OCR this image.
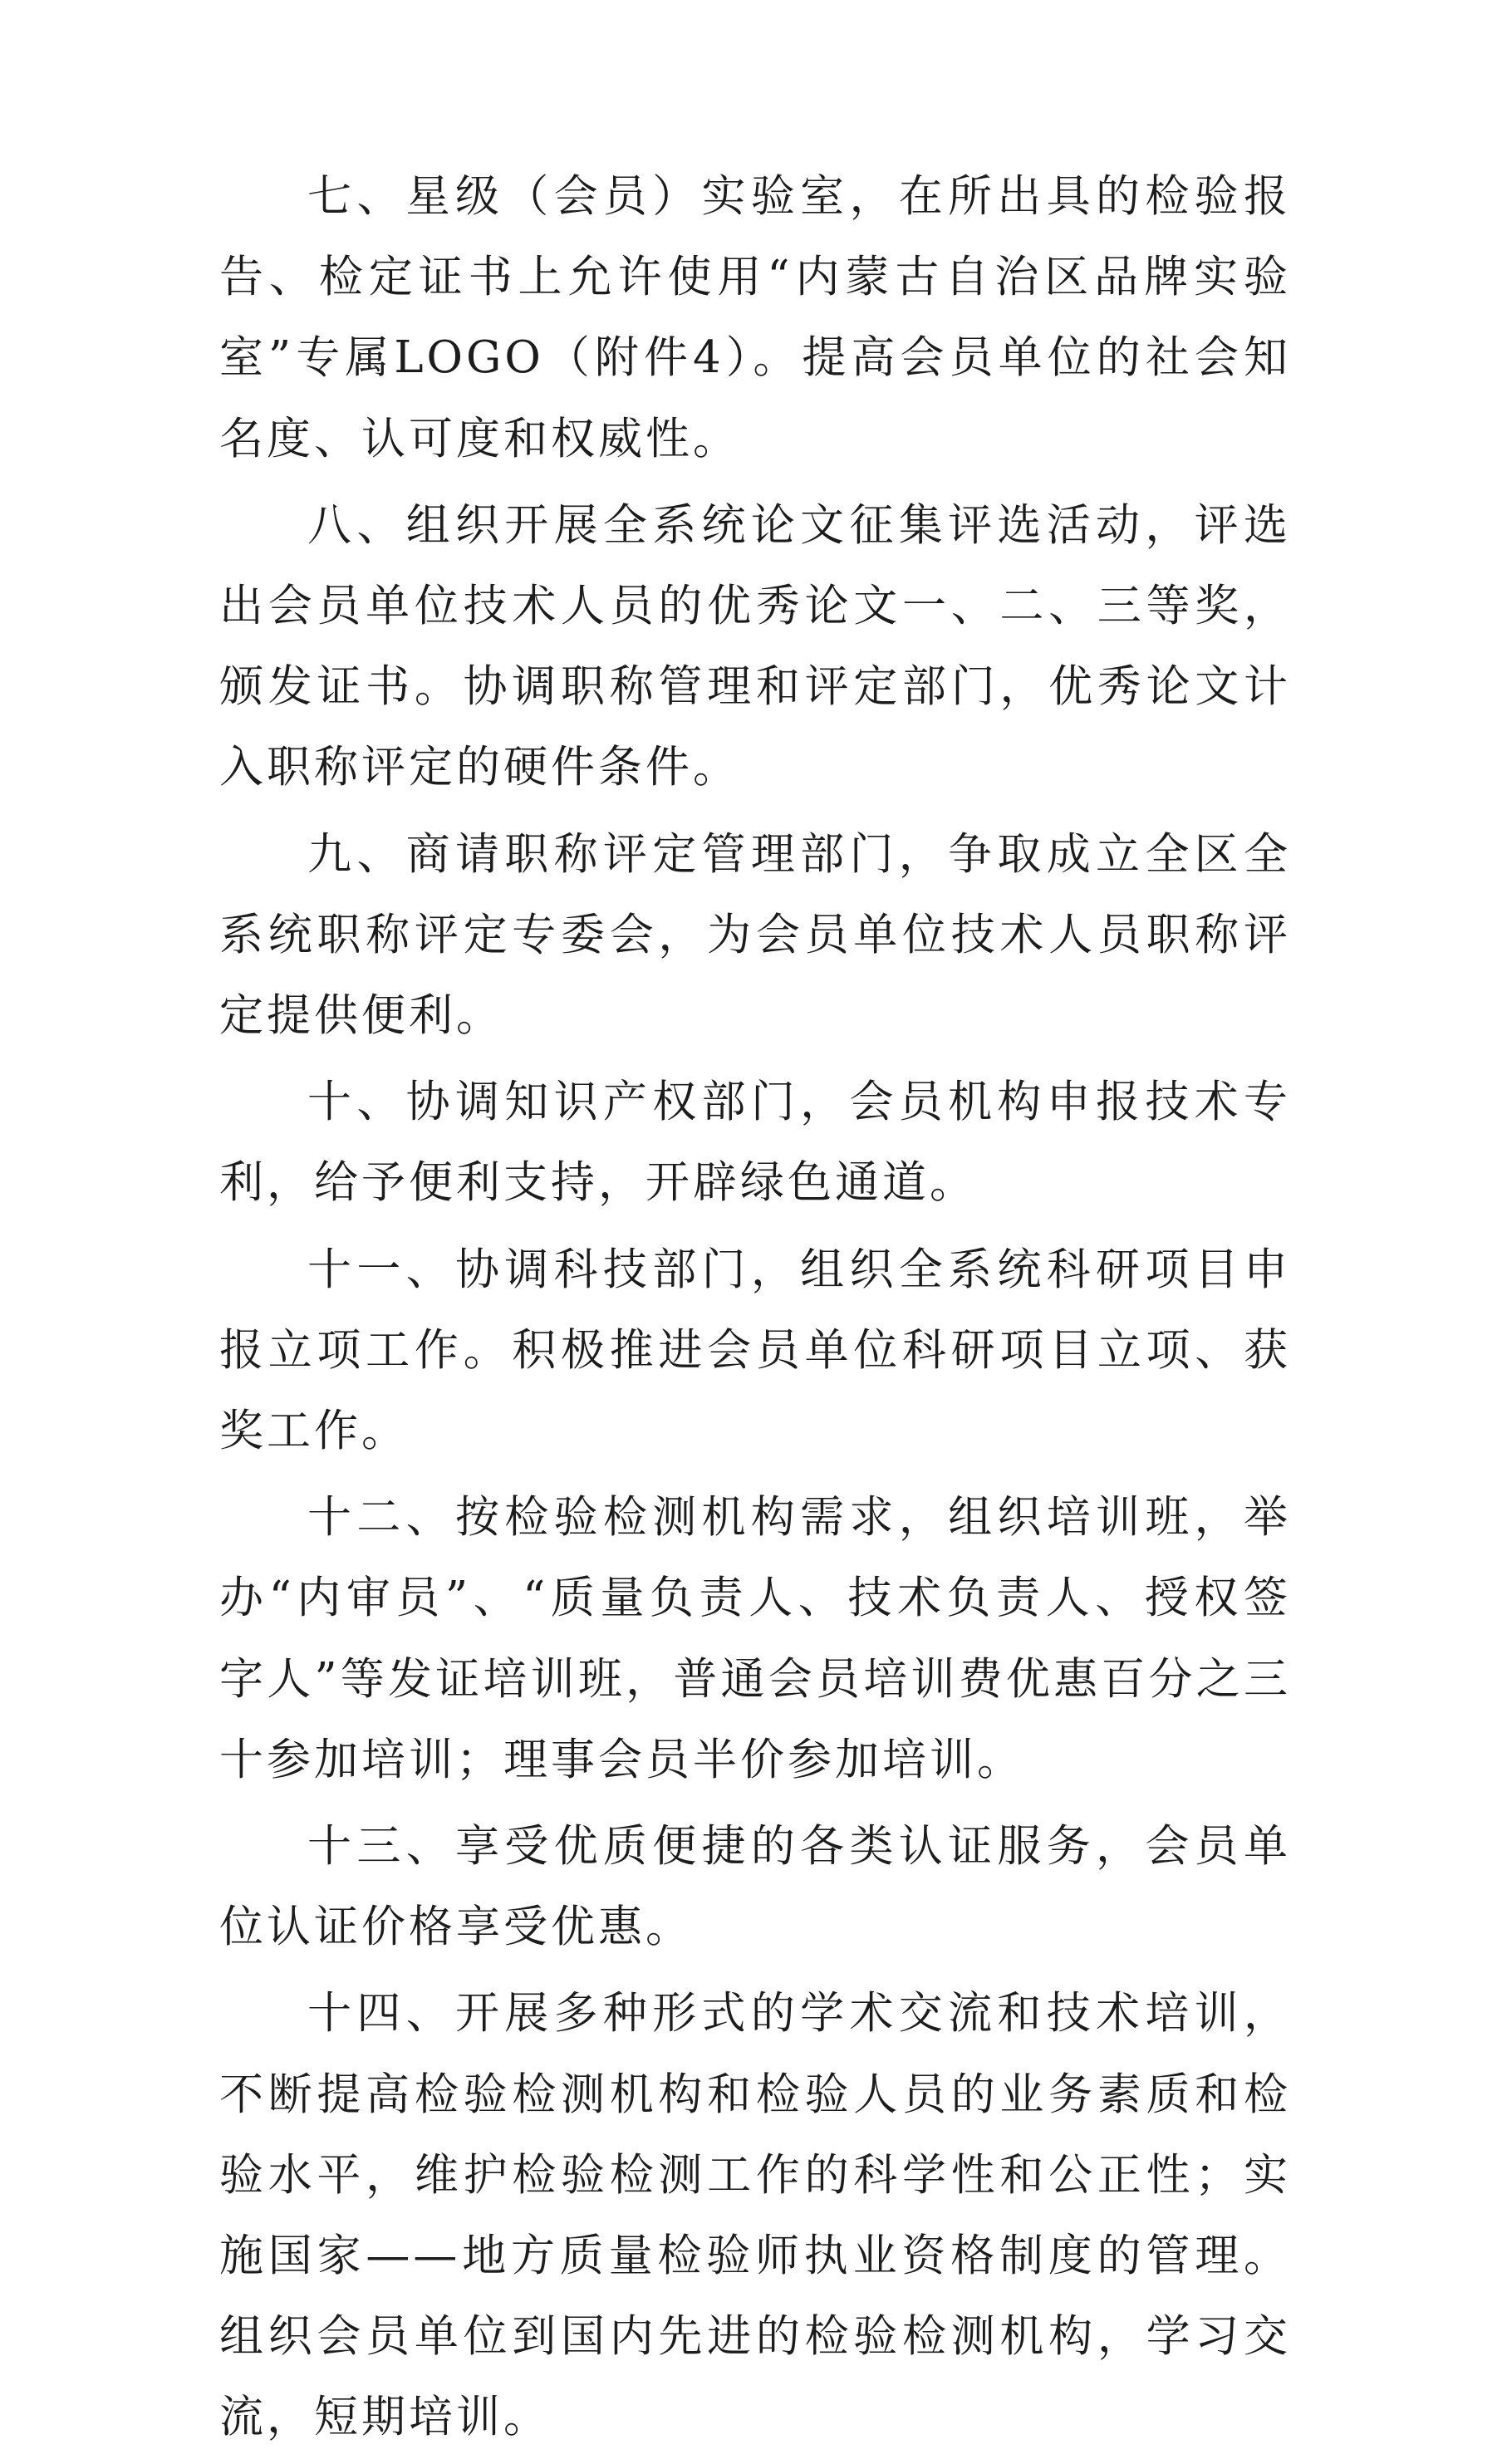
七、星级（会员）实验室，在所出具的检验报告、检定证书上允许使用“内蒙古自治区品牌实验室”专属LOGO（附件4）。提高会员单位的社会知名度、认可度和权威性。

八、组织开展全系统论文征集评选活动，评选出会员单位技术人员的优秀论文一、二、三等奖，颁发证书。协调职称管理和评定部门，优秀论文计入职称评定的硬件条件。

九、商请职称评定管理部门，争取成立全区全系统职称评定专委会，为会员单位技术人员职称评定提供便利。

十、协调知识产权部门，会员机构申报技术专利，给予便利支持，开辟绿色通道。

十一、协调科技部门，组织全系统科研项目申报立项工作。积极推进会员单位科研项目立项、获奖工作。

十二、按检验检测机构需求，组织培训班，举办“内审员”、“质量负责人、技术负责人、授权签字人”等发证培训班，普通会员培训费优惠百分之三十参加培训；理事会员半价参加培训。

十三、享受优质便捷的各类认证服务，会员单位认证价格享受优惠。

十四、开展多种形式的学术交流和技术培训，不断提高检验检测机构和检验人员的业务素质和检验水平，维护检验检测工作的科学性和公正性；实施国家——地方质量检验师执业资格制度的管理。组织会员单位到国内先进的检验检测机构，学习交流，短期培训。
